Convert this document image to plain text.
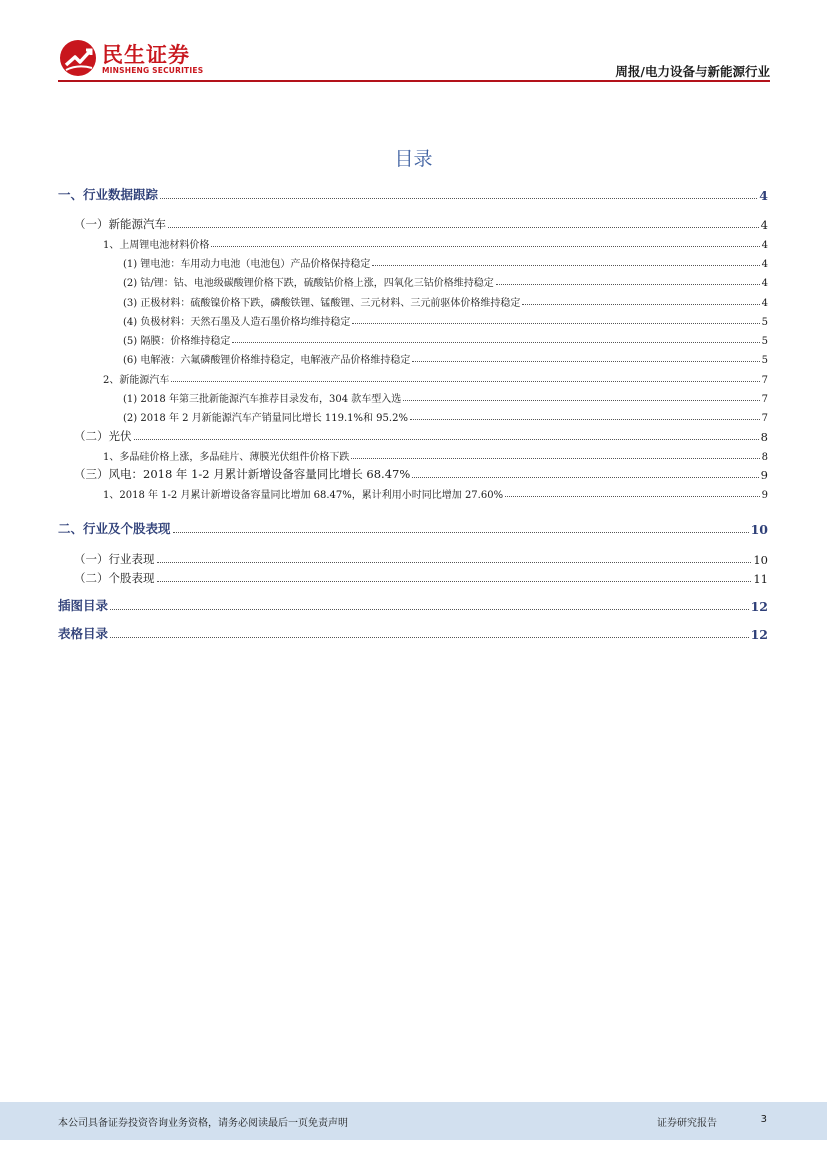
民生证券
MINSHENG SECURITIES	周报/电力设备与新能源行业
目录
一、行业数据跟踪	4
（一）新能源汽车	4
1、上周锂电池材料价格	4
(1) 锂电池：车用动力电池（电池包）产品价格保持稳定	4
(2) 钴/锂：钴、电池级碳酸锂价格下跌，硫酸钴价格上涨，四氧化三钴价格维持稳定	4
(3) 正极材料：硫酸镍价格下跌，磷酸铁锂、锰酸锂、三元材料、三元前驱体价格维持稳定	4
(4) 负极材料：天然石墨及人造石墨价格均维持稳定	5
(5) 隔膜：价格维持稳定	5
(6) 电解液：六氟磷酸锂价格维持稳定，电解液产品价格维持稳定	5
2、新能源汽车	7
(1) 2018 年第三批新能源汽车推荐目录发布，304 款车型入选	7
(2) 2018 年 2 月新能源汽车产销量同比增长 119.1%和 95.2%	7
（二）光伏	8
1、多晶硅价格上涨，多晶硅片、薄膜光伏组件价格下跌	8
（三）风电：2018 年 1-2 月累计新增设备容量同比增长 68.47%	9
1、2018 年 1-2 月累计新增设备容量同比增加 68.47%，累计利用小时同比增加 27.60%	9
二、行业及个股表现	10
（一）行业表现	10
（二）个股表现	11
插图目录	12
表格目录	12
本公司具备证券投资咨询业务资格，请务必阅读最后一页免责声明	证券研究报告	3
